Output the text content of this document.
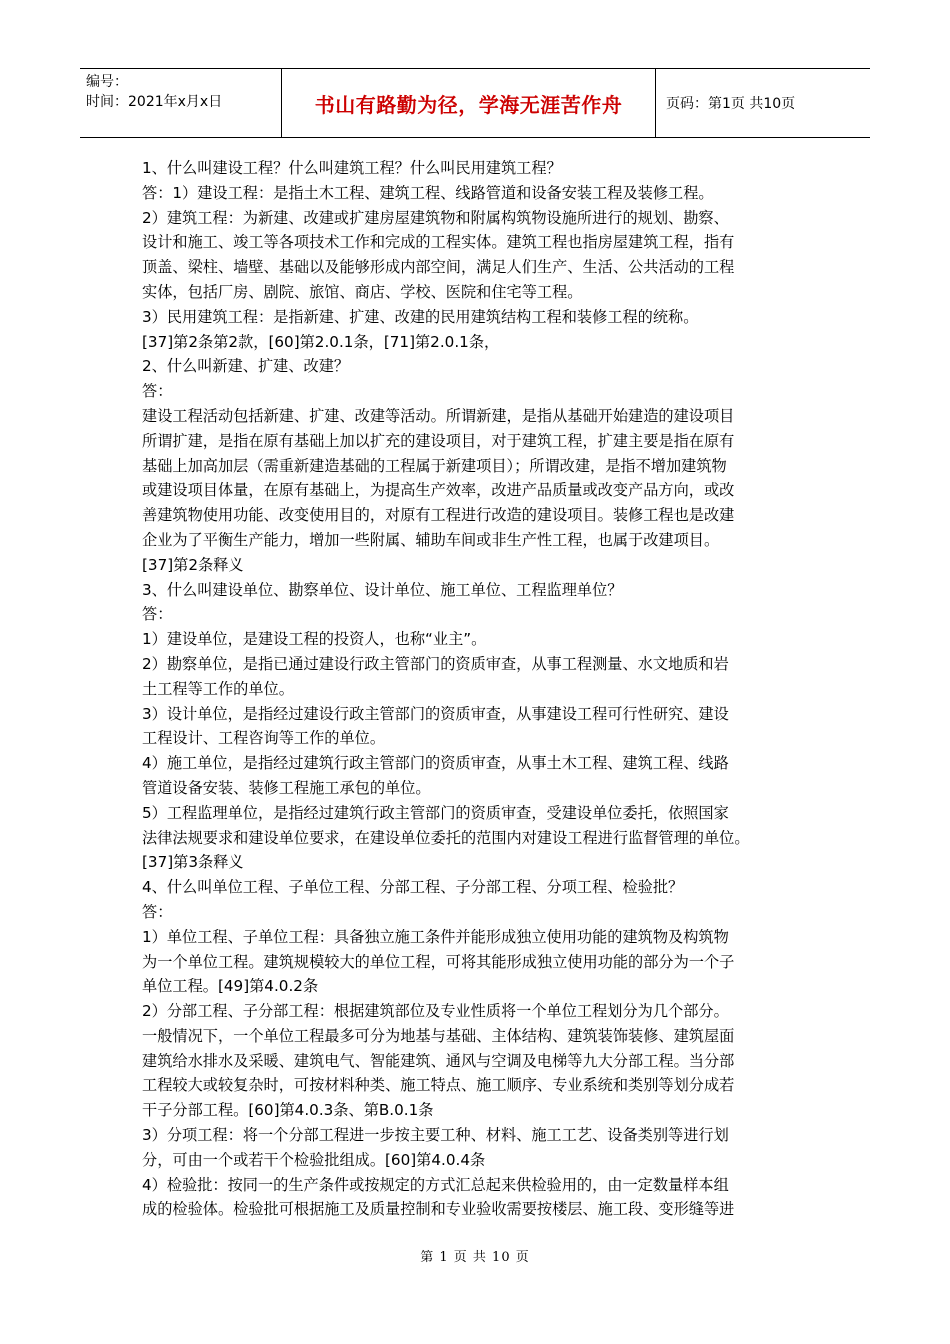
编号：
时间：2021年x月x日	书山有路勤为径，学海无涯苦作舟	页码：第1页 共10页

1、什么叫建设工程？什么叫建筑工程？什么叫民用建筑工程？

答：1）建设工程：是指土木工程、建筑工程、线路管道和设备安装工程及装修工程。

2）建筑工程：为新建、改建或扩建房屋建筑物和附属构筑物设施所进行的规划、勘察、

设计和施工、竣工等各项技术工作和完成的工程实体。建筑工程也指房屋建筑工程，指有

顶盖、梁柱、墙壁、基础以及能够形成内部空间，满足人们生产、生活、公共活动的工程

实体，包括厂房、剧院、旅馆、商店、学校、医院和住宅等工程。

3）民用建筑工程：是指新建、扩建、改建的民用建筑结构工程和装修工程的统称。

[37]第2条第2款，[60]第2.0.1条，[71]第2.0.1条，

2、什么叫新建、扩建、改建？

答：

建设工程活动包括新建、扩建、改建等活动。所谓新建，是指从基础开始建造的建设项目

所谓扩建，是指在原有基础上加以扩充的建设项目，对于建筑工程，扩建主要是指在原有

基础上加高加层（需重新建造基础的工程属于新建项目）；所谓改建，是指不增加建筑物

或建设项目体量，在原有基础上，为提高生产效率，改进产品质量或改变产品方向，或改

善建筑物使用功能、改变使用目的，对原有工程进行改造的建设项目。装修工程也是改建

企业为了平衡生产能力，增加一些附属、辅助车间或非生产性工程，也属于改建项目。

[37]第2条释义

3、什么叫建设单位、勘察单位、设计单位、施工单位、工程监理单位？

答：

1）建设单位，是建设工程的投资人，也称“业主”。

2）勘察单位，是指已通过建设行政主管部门的资质审查，从事工程测量、水文地质和岩

土工程等工作的单位。

3）设计单位，是指经过建设行政主管部门的资质审查，从事建设工程可行性研究、建设

工程设计、工程咨询等工作的单位。

4）施工单位，是指经过建筑行政主管部门的资质审查，从事土木工程、建筑工程、线路

管道设备安装、装修工程施工承包的单位。

5）工程监理单位，是指经过建筑行政主管部门的资质审查，受建设单位委托，依照国家

法律法规要求和建设单位要求，在建设单位委托的范围内对建设工程进行监督管理的单位。

[37]第3条释义

4、什么叫单位工程、子单位工程、分部工程、子分部工程、分项工程、检验批？

答：

1）单位工程、子单位工程：具备独立施工条件并能形成独立使用功能的建筑物及构筑物

为一个单位工程。建筑规模较大的单位工程，可将其能形成独立使用功能的部分为一个子

单位工程。[49]第4.0.2条

2）分部工程、子分部工程：根据建筑部位及专业性质将一个单位工程划分为几个部分。

一般情况下，一个单位工程最多可分为地基与基础、主体结构、建筑装饰装修、建筑屋面

建筑给水排水及采暖、建筑电气、智能建筑、通风与空调及电梯等九大分部工程。当分部

工程较大或较复杂时，可按材料种类、施工特点、施工顺序、专业系统和类别等划分成若

干子分部工程。[60]第4.0.3条、第B.0.1条

3）分项工程：将一个分部工程进一步按主要工种、材料、施工工艺、设备类别等进行划

分，可由一个或若干个检验批组成。[60]第4.0.4条

4）检验批：按同一的生产条件或按规定的方式汇总起来供检验用的，由一定数量样本组

成的检验体。检验批可根据施工及质量控制和专业验收需要按楼层、施工段、变形缝等进

第 1 页 共 10 页
